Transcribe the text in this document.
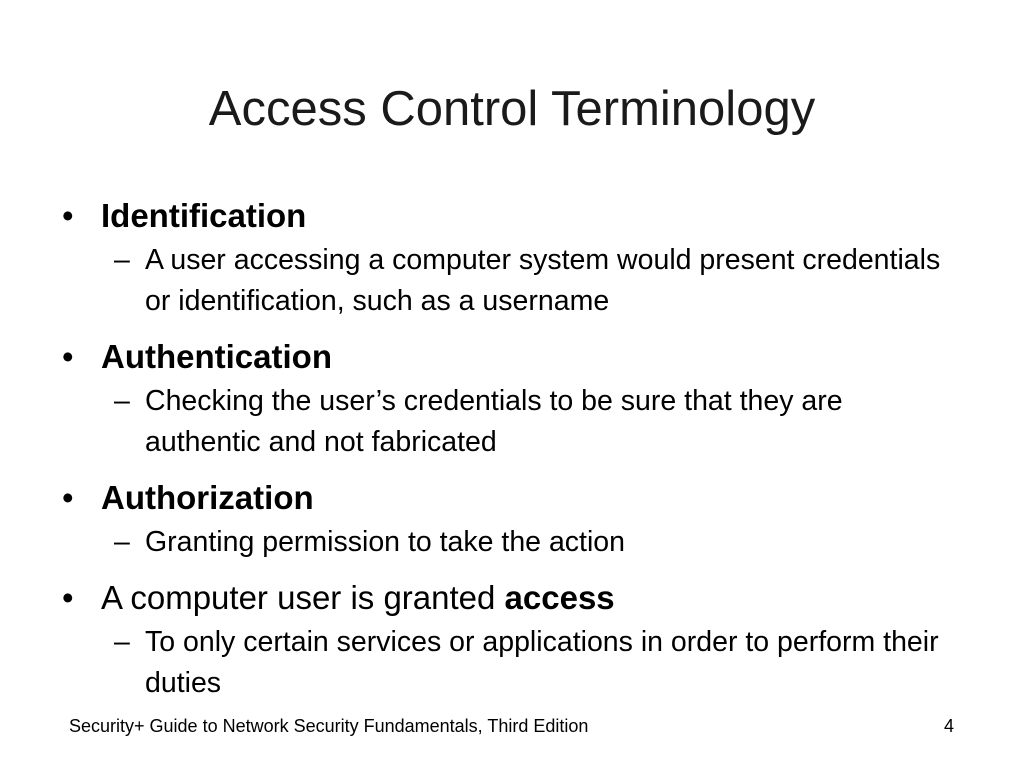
Access Control Terminology
• Identification
– A user accessing a computer system would present credentials or identification, such as a username
• Authentication
– Checking the user’s credentials to be sure that they are authentic and not fabricated
• Authorization
– Granting permission to take the action
• A computer user is granted access
– To only certain services or applications in order to perform their duties
Security+ Guide to Network Security Fundamentals, Third Edition	4
